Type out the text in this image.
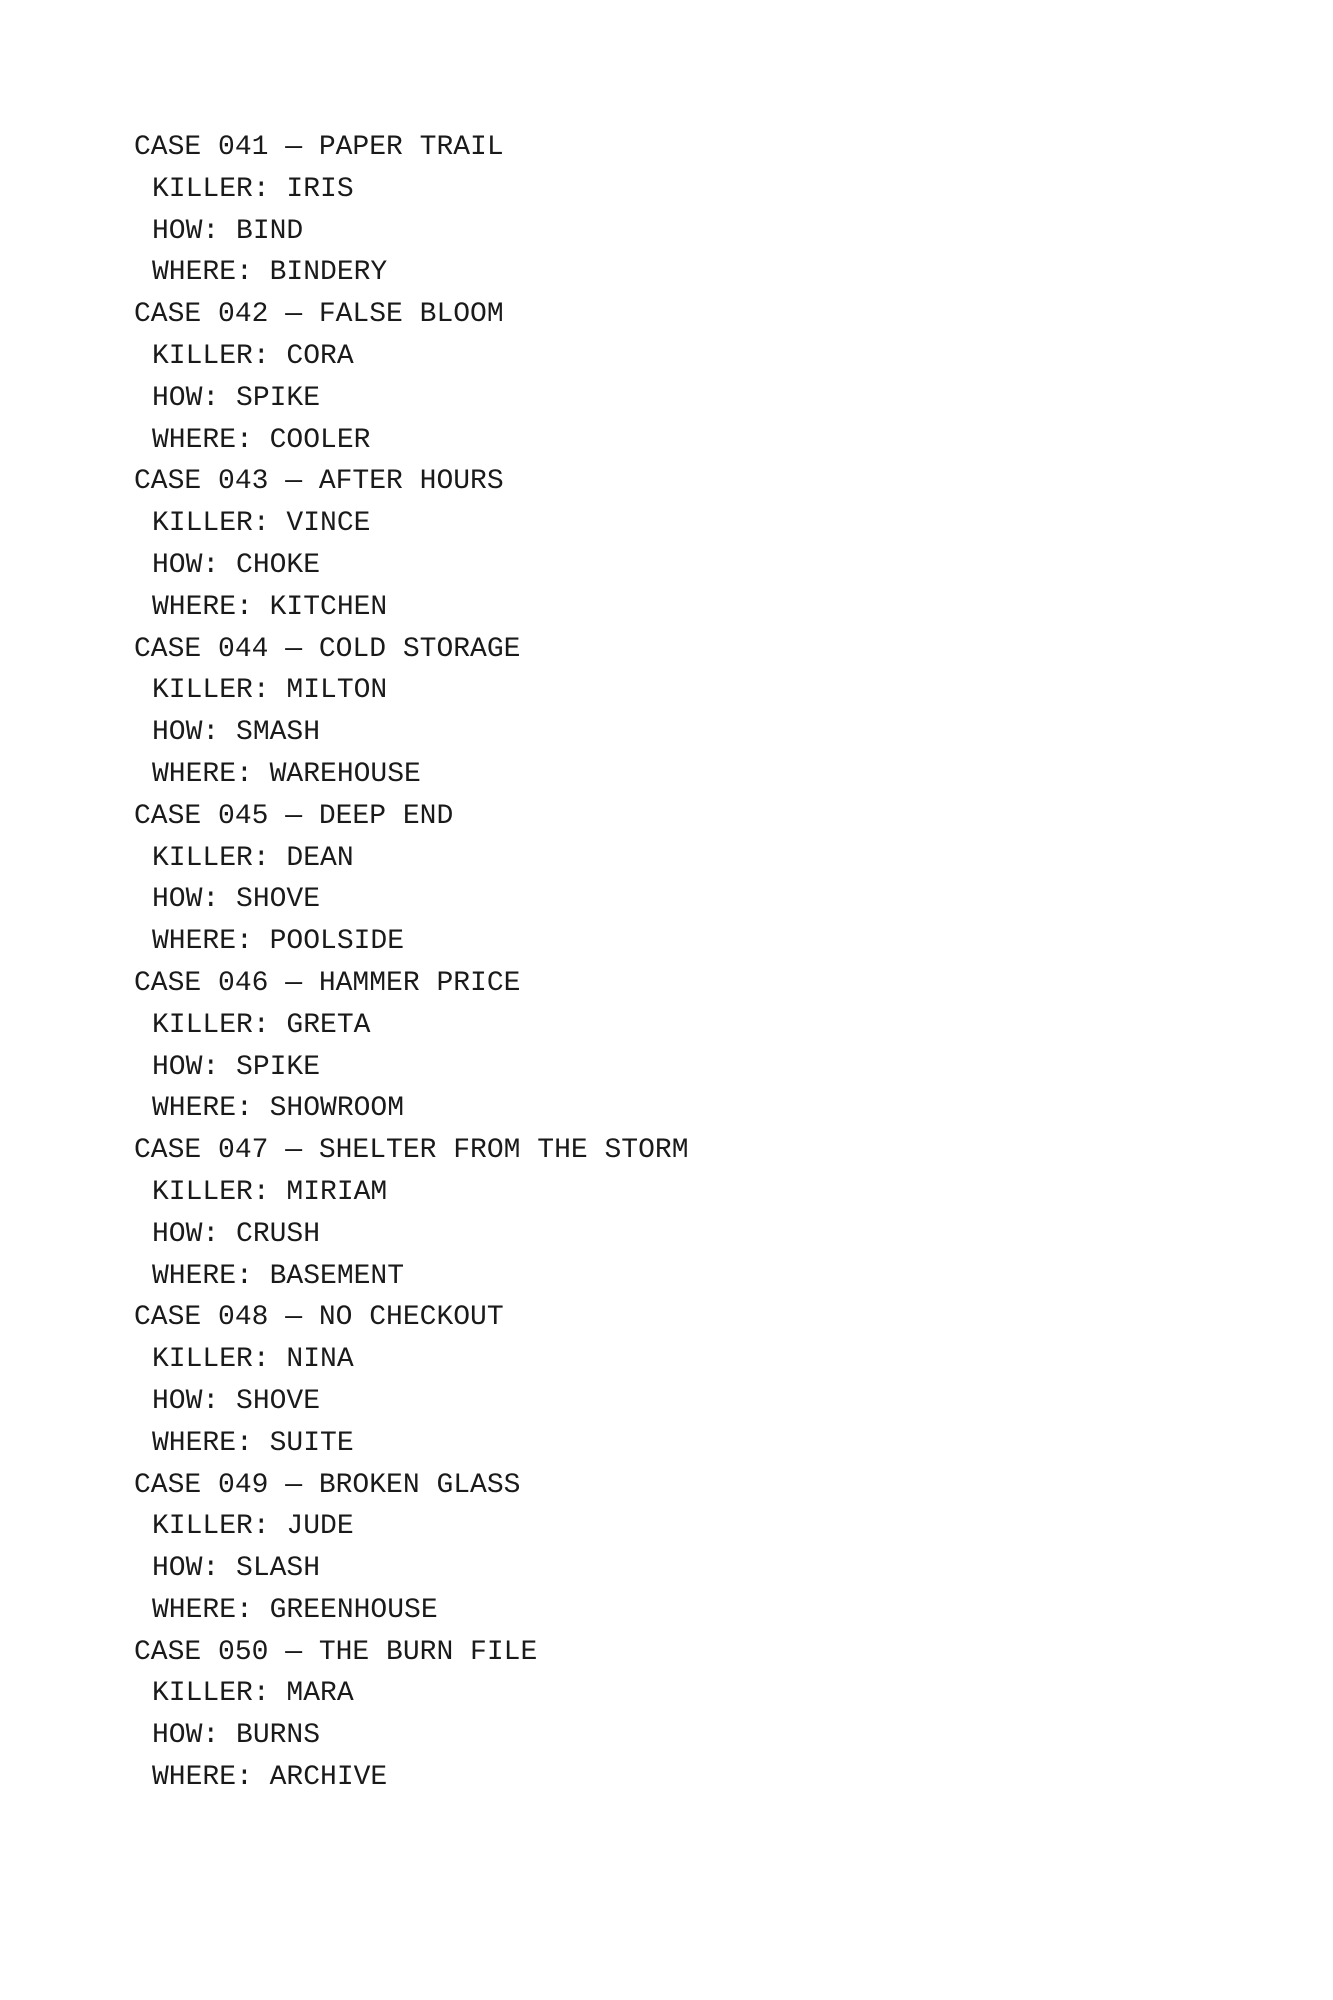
CASE 041 — PAPER TRAIL
KILLER: IRIS
HOW: BIND
WHERE: BINDERY
CASE 042 — FALSE BLOOM
KILLER: CORA
HOW: SPIKE
WHERE: COOLER
CASE 043 — AFTER HOURS
KILLER: VINCE
HOW: CHOKE
WHERE: KITCHEN
CASE 044 — COLD STORAGE
KILLER: MILTON
HOW: SMASH
WHERE: WAREHOUSE
CASE 045 — DEEP END
KILLER: DEAN
HOW: SHOVE
WHERE: POOLSIDE
CASE 046 — HAMMER PRICE
KILLER: GRETA
HOW: SPIKE
WHERE: SHOWROOM
CASE 047 — SHELTER FROM THE STORM
KILLER: MIRIAM
HOW: CRUSH
WHERE: BASEMENT
CASE 048 — NO CHECKOUT
KILLER: NINA
HOW: SHOVE
WHERE: SUITE
CASE 049 — BROKEN GLASS
KILLER: JUDE
HOW: SLASH
WHERE: GREENHOUSE
CASE 050 — THE BURN FILE
KILLER: MARA
HOW: BURNS
WHERE: ARCHIVE
